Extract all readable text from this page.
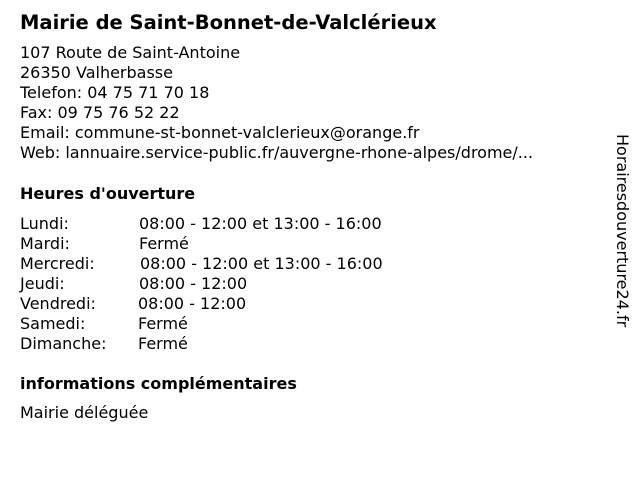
Mairie de Saint-Bonnet-de-Valclérieux
107 Route de Saint-Antoine
26350 Valherbasse
Telefon: 04 75 71 70 18
Fax: 09 75 76 52 22
Email: commune-st-bonnet-valclerieux@orange.fr
Web: lannuaire.service-public.fr/auvergne-rhone-alpes/drome/...
Heures d'ouverture
Lundi:	08:00 - 12:00 et 13:00 - 16:00
Mardi:	Fermé
Mercredi:	08:00 - 12:00 et 13:00 - 16:00
Jeudi:	08:00 - 12:00
Vendredi:	08:00 - 12:00
Samedi:	Fermé
Dimanche: Fermé
informations complémentaires
Mairie déléguée
Horairesdouverture24.fr
